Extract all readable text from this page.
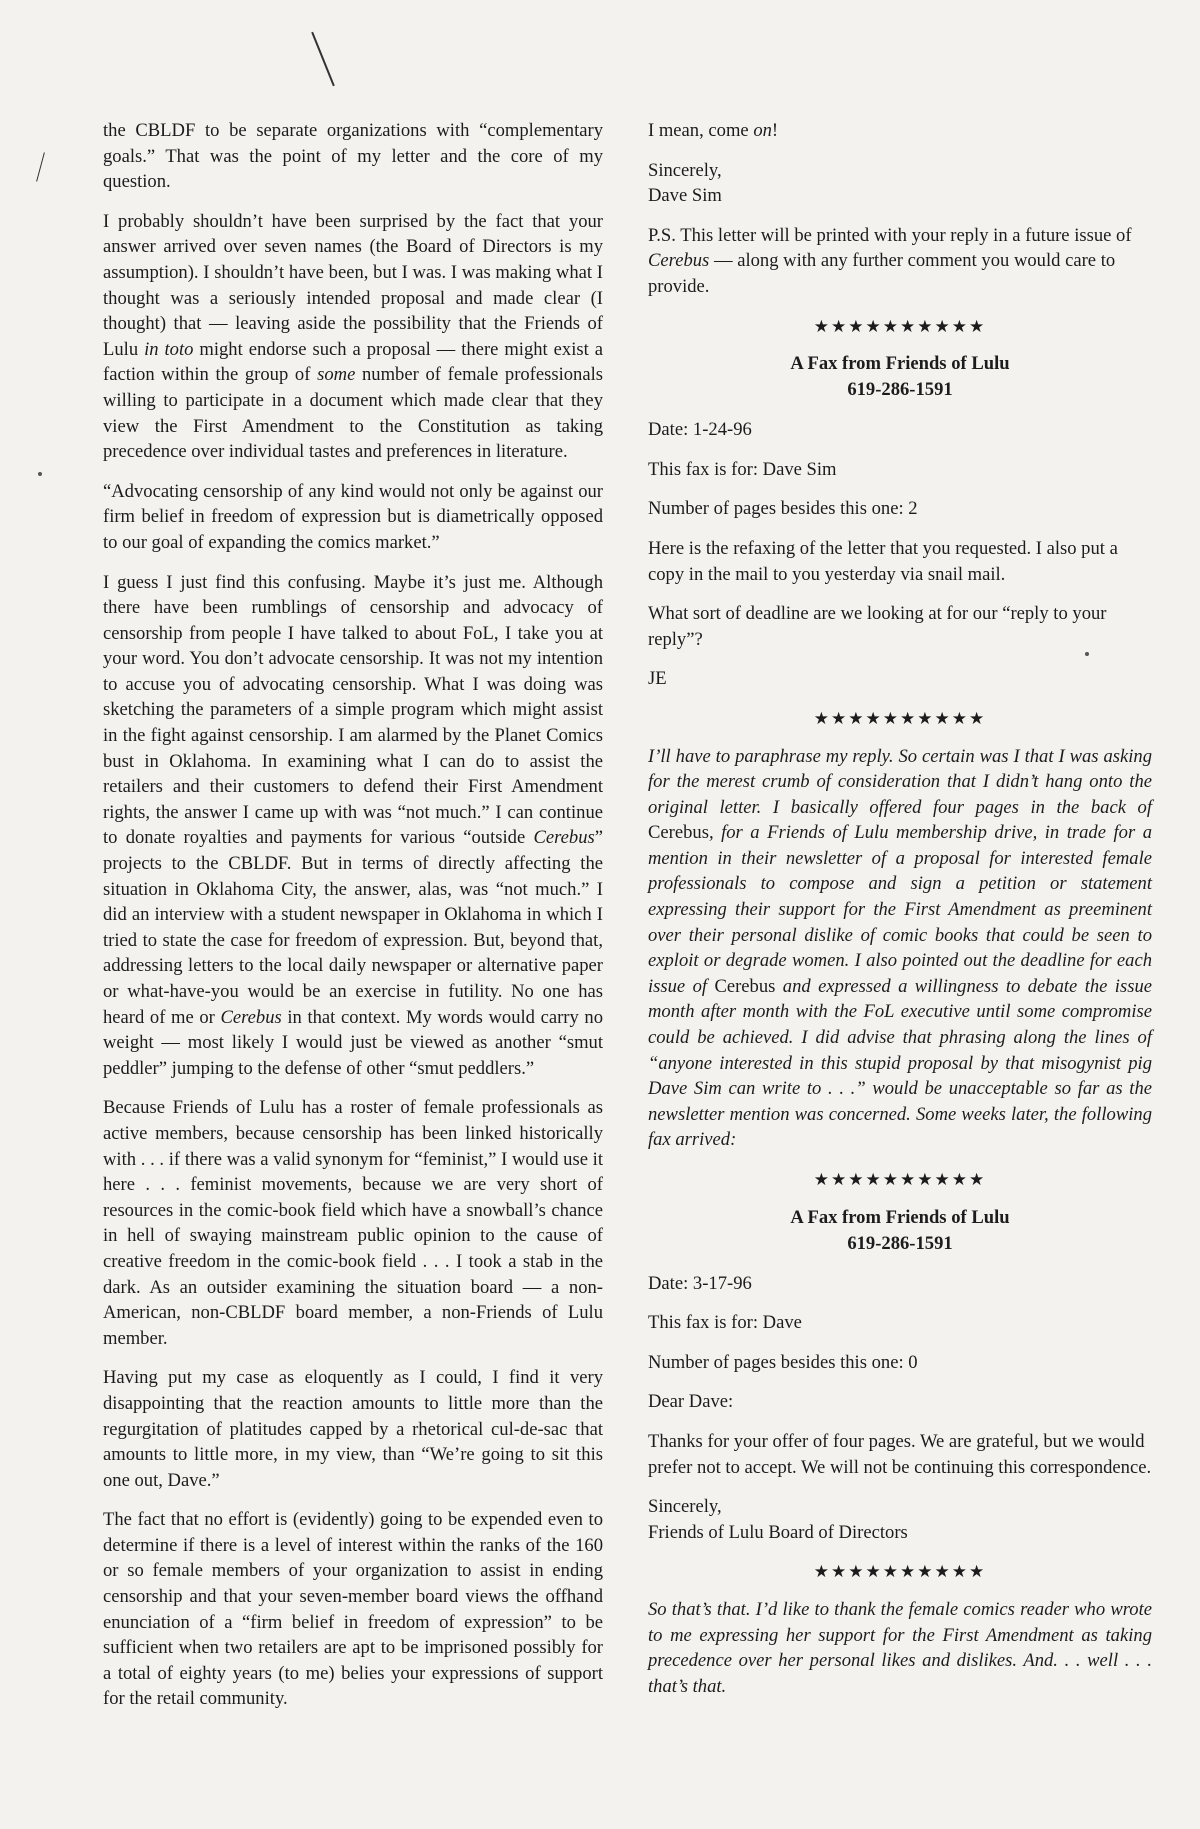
the CBLDF to be separate organizations with “complementary goals.” That was the point of my letter and the core of my question.

I probably shouldn’t have been surprised by the fact that your answer arrived over seven names (the Board of Directors is my assumption). I shouldn’t have been, but I was. I was making what I thought was a seriously intended proposal and made clear (I thought) that — leaving aside the possibility that the Friends of Lulu in toto might endorse such a proposal — there might exist a faction within the group of some number of female professionals willing to participate in a document which made clear that they view the First Amendment to the Constitution as taking precedence over individual tastes and preferences in literature.

“Advocating censorship of any kind would not only be against our firm belief in freedom of expression but is diametrically opposed to our goal of expanding the comics market.”

I guess I just find this confusing. Maybe it’s just me. Although there have been rumblings of censorship and advocacy of censorship from people I have talked to about FoL, I take you at your word. You don’t advocate censorship. It was not my intention to accuse you of advocating censorship. What I was doing was sketching the parameters of a simple program which might assist in the fight against censorship. I am alarmed by the Planet Comics bust in Oklahoma. In examining what I can do to assist the retailers and their customers to defend their First Amendment rights, the answer I came up with was “not much.” I can continue to donate royalties and payments for various “outside Cerebus” projects to the CBLDF. But in terms of directly affecting the situation in Oklahoma City, the answer, alas, was “not much.” I did an interview with a student newspaper in Oklahoma in which I tried to state the case for freedom of expression. But, beyond that, addressing letters to the local daily newspaper or alternative paper or what-have-you would be an exercise in futility. No one has heard of me or Cerebus in that context. My words would carry no weight — most likely I would just be viewed as another “smut peddler” jumping to the defense of other “smut peddlers.”

Because Friends of Lulu has a roster of female professionals as active members, because censorship has been linked historically with . . . if there was a valid synonym for “feminist,” I would use it here . . . feminist movements, because we are very short of resources in the comic-book field which have a snowball’s chance in hell of swaying mainstream public opinion to the cause of creative freedom in the comic-book field . . . I took a stab in the dark. As an outsider examining the situation board — a non-American, non-CBLDF board member, a non-Friends of Lulu member.

Having put my case as eloquently as I could, I find it very disappointing that the reaction amounts to little more than the regurgitation of platitudes capped by a rhetorical cul-de-sac that amounts to little more, in my view, than “We’re going to sit this one out, Dave.”

The fact that no effort is (evidently) going to be expended even to determine if there is a level of interest within the ranks of the 160 or so female members of your organization to assist in ending censorship and that your seven-member board views the offhand enunciation of a “firm belief in freedom of expression” to be sufficient when two retailers are apt to be imprisoned possibly for a total of eighty years (to me) belies your expressions of support for the retail community.

I mean, come on!

Sincerely,

Dave Sim

P.S. This letter will be printed with your reply in a future issue of Cerebus — along with any further comment you would care to provide.

★★★★★★★★★★

A Fax from Friends of Lulu
619-286-1591

Date: 1-24-96

This fax is for: Dave Sim

Number of pages besides this one: 2

Here is the refaxing of the letter that you requested. I also put a copy in the mail to you yesterday via snail mail.

What sort of deadline are we looking at for our “reply to your reply”?

JE

★★★★★★★★★★

I’ll have to paraphrase my reply. So certain was I that I was asking for the merest crumb of consideration that I didn’t hang onto the original letter. I basically offered four pages in the back of Cerebus, for a Friends of Lulu membership drive, in trade for a mention in their newsletter of a proposal for interested female professionals to compose and sign a petition or statement expressing their support for the First Amendment as preeminent over their personal dislike of comic books that could be seen to exploit or degrade women. I also pointed out the deadline for each issue of Cerebus and expressed a willingness to debate the issue month after month with the FoL executive until some compromise could be achieved. I did advise that phrasing along the lines of “anyone interested in this stupid proposal by that misogynist pig Dave Sim can write to . . .” would be unacceptable so far as the newsletter mention was concerned. Some weeks later, the following fax arrived:

★★★★★★★★★★

A Fax from Friends of Lulu
619-286-1591

Date: 3-17-96

This fax is for: Dave

Number of pages besides this one: 0

Dear Dave:

Thanks for your offer of four pages. We are grateful, but we would prefer not to accept. We will not be continuing this correspondence.

Sincerely,

Friends of Lulu Board of Directors

★★★★★★★★★★

So that’s that. I’d like to thank the female comics reader who wrote to me expressing her support for the First Amendment as taking precedence over her personal likes and dislikes. And. . . well . . . that’s that.
